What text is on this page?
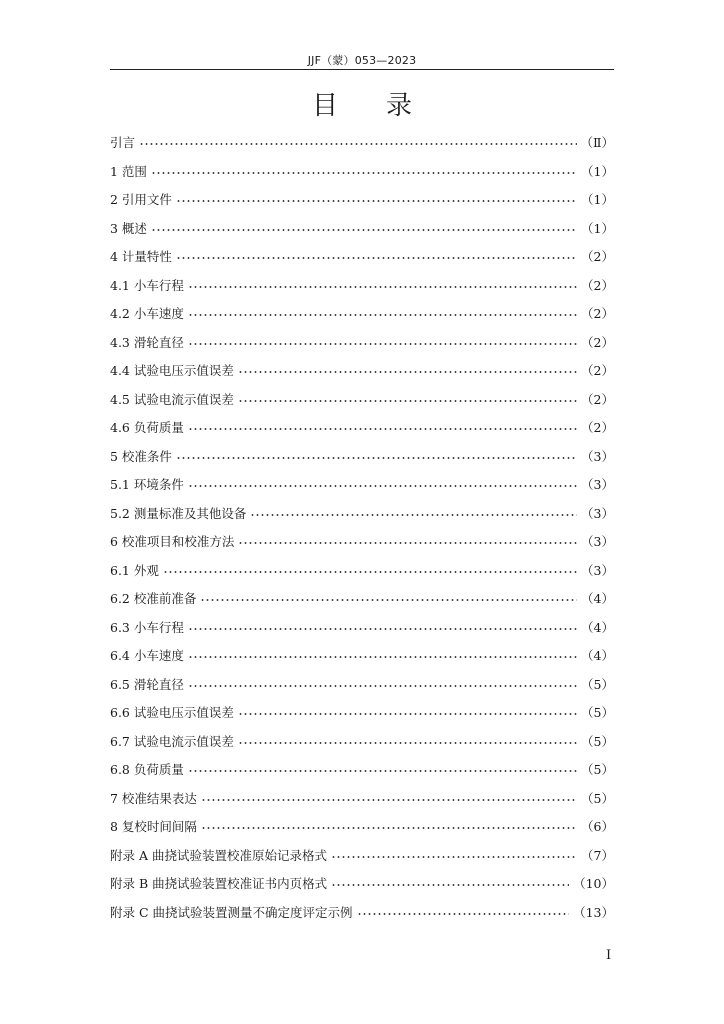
JJF（蒙）053—2023
目录
引言	（Ⅱ）
1 范围	（1）
2 引用文件	（1）
3 概述	（1）
4 计量特性	（2）
4.1 小车行程	（2）
4.2 小车速度	（2）
4.3 滑轮直径	（2）
4.4 试验电压示值误差	（2）
4.5 试验电流示值误差	（2）
4.6 负荷质量	（2）
5 校准条件	（3）
5.1 环境条件	（3）
5.2 测量标准及其他设备	（3）
6 校准项目和校准方法	（3）
6.1 外观	（3）
6.2 校准前准备	（4）
6.3 小车行程	（4）
6.4 小车速度	（4）
6.5 滑轮直径	（5）
6.6 试验电压示值误差	（5）
6.7 试验电流示值误差	（5）
6.8 负荷质量	（5）
7 校准结果表达	（5）
8 复校时间间隔	（6）
附录 A 曲挠试验装置校准原始记录格式	（7）
附录 B 曲挠试验装置校准证书内页格式	（10）
附录 C 曲挠试验装置测量不确定度评定示例	（13）
I
